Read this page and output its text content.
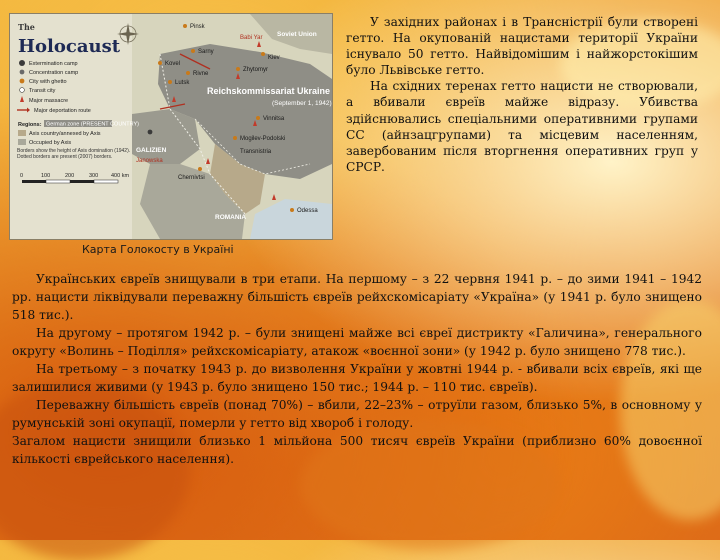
The
Holocaust
Extermination camp
Concentration camp
City with ghetto
Transit city
Major massacre
Major deportation route
Regions: German zone (PRESENT COUNTRY)
Axis country/annexed by Axis
Occupied by Axis
Borders show the height of Axis domination (1942). Dotted borders are present (2007) borders.
0	100	200	300 400 km
Soviet Union
Reichskommissariat Ukraine
(September 1, 1942)
ROMANIA
GALIZIEN
Pinsk
Sarny
Kovel
Rivne
Lutsk
Babi Yar
Kiev
Zhytomyr
Vinnitsa
Mogilev-Podolski
Transnistria
Chernivtsi
Odessa
Janowska
Карта Голокосту в Україні

У західних районах і в Трансністрії були створені гетто. На окупованій нацистами території України існувало 50 гетто. Найвідомішим і найжорстокішим було Львівське гетто.

На східних теренах гетто нацисти не створювали, а вбивали євреїв майже відразу. Убивства здійснювались спеціальними оперативними групами СС (айнзацгрупами) та місцевим населенням, завербованим після вторгнення оперативних груп у СРСР.

Українських євреїв знищували в три етапи. На першому – з 22 червня 1941 р. – до зими 1941 – 1942 рр. нацисти ліквідували переважну більшість євреїв рейхскомісаріату «Україна» (у 1941 р. було знищено 518 тис.).

На другому – протягом 1942 р. – були знищені майже всі євреї дистрикту «Галичина», генерального округу «Волинь – Поділля» рейхскомісаріату, атакож «воєнної зони» (у 1942 р. було знищено 778 тис.).

На третьому – з початку 1943 р. до визволення України у жовтні 1944 р. - вбивали всіх євреїв, які ще залишилися живими (у 1943 р. було знищено 150 тис.; 1944 р. – 110 тис. євреїв).

Переважну більшість євреїв (понад 70%) – вбили, 22–23% – отруїли газом, близько 5%, в основному у румунській зоні окупації, померли у гетто від хвороб і голоду.

Загалом нацисти знищили близько 1 мільйона 500 тисяч євреїв України (приблизно 60% довоєнної кількості єврейського населення).
